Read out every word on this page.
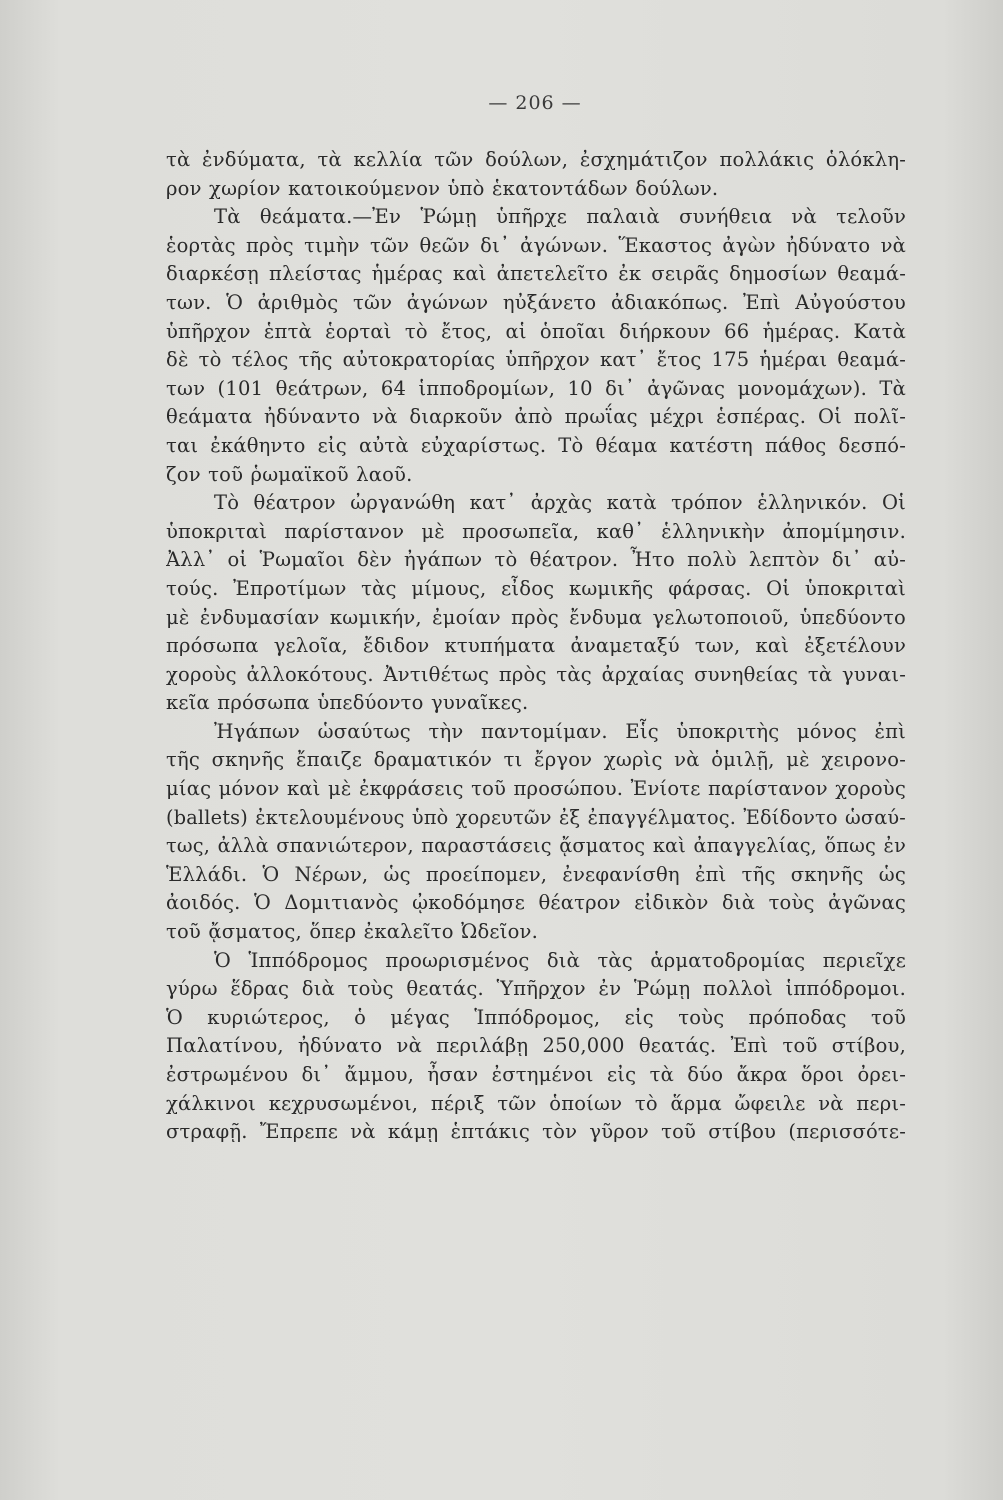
— 206 —
τὰ ἐνδύματα, τὰ κελλία τῶν δούλων, ἐσχημάτιζον πολλάκις ὁλόκλη-
ρον χωρίον κατοικούμενον ὑπὸ ἑκατοντάδων δούλων.
Τὰ θεάματα.—Ἐν Ῥώμῃ ὑπῆρχε παλαιὰ συνήθεια νὰ τελοῦν
ἑορτὰς πρὸς τιμὴν τῶν θεῶν δι᾽ ἀγώνων. Ἕκαστος ἀγὼν ἠδύνατο νὰ
διαρκέσῃ πλείστας ἡμέρας καὶ ἀπετελεῖτο ἐκ σειρᾶς δημοσίων θεαμά-
των. Ὁ ἀριθμὸς τῶν ἀγώνων ηὐξάνετο ἀδιακόπως. Ἐπὶ Αὐγούστου
ὑπῆρχον ἑπτὰ ἑορταὶ τὸ ἔτος, αἱ ὁποῖαι διήρκουν 66 ἡμέρας. Κατὰ
δὲ τὸ τέλος τῆς αὐτοκρατορίας ὑπῆρχον κατ᾽ ἔτος 175 ἡμέραι θεαμά-
των (101 θεάτρων, 64 ἱπποδρομίων, 10 δι᾽ ἀγῶνας μονομάχων). Τὰ
θεάματα ἠδύναντο νὰ διαρκοῦν ἀπὸ πρωΐας μέχρι ἑσπέρας. Οἱ πολῖ-
ται ἐκάθηντο εἰς αὐτὰ εὐχαρίστως. Τὸ θέαμα κατέστη πάθος δεσπό-
ζον τοῦ ῥωμαϊκοῦ λαοῦ.
Τὸ θέατρον ὠργανώθη κατ᾽ ἀρχὰς κατὰ τρόπον ἑλληνικόν. Οἱ
ὑποκριταὶ παρίστανον μὲ προσωπεῖα, καθ᾽ ἑλληνικὴν ἀπομίμησιν.
Ἀλλ᾽ οἱ Ῥωμαῖοι δὲν ἠγάπων τὸ θέατρον. Ἦτο πολὺ λεπτὸν δι᾽ αὐ-
τούς. Ἐπροτίμων τὰς μίμους, εἶδος κωμικῆς φάρσας. Οἱ ὑποκριταὶ
μὲ ἐνδυμασίαν κωμικήν, ἐμοίαν πρὸς ἔνδυμα γελωτοποιοῦ, ὑπεδύοντο
πρόσωπα γελοῖα, ἔδιδον κτυπήματα ἀναμεταξύ των, καὶ ἐξετέλουν
χοροὺς ἀλλοκότους. Ἀντιθέτως πρὸς τὰς ἀρχαίας συνηθείας τὰ γυναι-
κεῖα πρόσωπα ὑπεδύοντο γυναῖκες.
Ἠγάπων ὡσαύτως τὴν παντομίμαν. Εἷς ὑποκριτὴς μόνος ἐπὶ
τῆς σκηνῆς ἔπαιζε δραματικόν τι ἔργον χωρὶς νὰ ὁμιλῇ, μὲ χειρονο-
μίας μόνον καὶ μὲ ἐκφράσεις τοῦ προσώπου. Ἐνίοτε παρίστανον χοροὺς
(ballets) ἐκτελουμένους ὑπὸ χορευτῶν ἐξ ἐπαγγέλματος. Ἐδίδοντο ὡσαύ-
τως, ἀλλὰ σπανιώτερον, παραστάσεις ᾄσματος καὶ ἀπαγγελίας, ὅπως ἐν
Ἑλλάδι. Ὁ Νέρων, ὡς προείπομεν, ἐνεφανίσθη ἐπὶ τῆς σκηνῆς ὡς
ἀοιδός. Ὁ Δομιτιανὸς ᾠκοδόμησε θέατρον εἰδικὸν διὰ τοὺς ἀγῶνας
τοῦ ᾄσματος, ὅπερ ἐκαλεῖτο Ὠδεῖον.
Ὁ Ἱππόδρομος προωρισμένος διὰ τὰς ἁρματοδρομίας περιεῖχε
γύρω ἕδρας διὰ τοὺς θεατάς. Ὑπῆρχον ἐν Ῥώμῃ πολλοὶ ἱππόδρομοι.
Ὁ κυριώτερος, ὁ μέγας Ἱππόδρομος, εἰς τοὺς πρόποδας τοῦ
Παλατίνου, ἠδύνατο νὰ περιλάβῃ 250,000 θεατάς. Ἐπὶ τοῦ στίβου,
ἐστρωμένου δι᾽ ἄμμου, ἦσαν ἐστημένοι εἰς τὰ δύο ἄκρα ὅροι ὀρει-
χάλκινοι κεχρυσωμένοι, πέριξ τῶν ὁποίων τὸ ἅρμα ὤφειλε νὰ περι-
στραφῇ. Ἔπρεπε νὰ κάμῃ ἑπτάκις τὸν γῦρον τοῦ στίβου (περισσότε-
